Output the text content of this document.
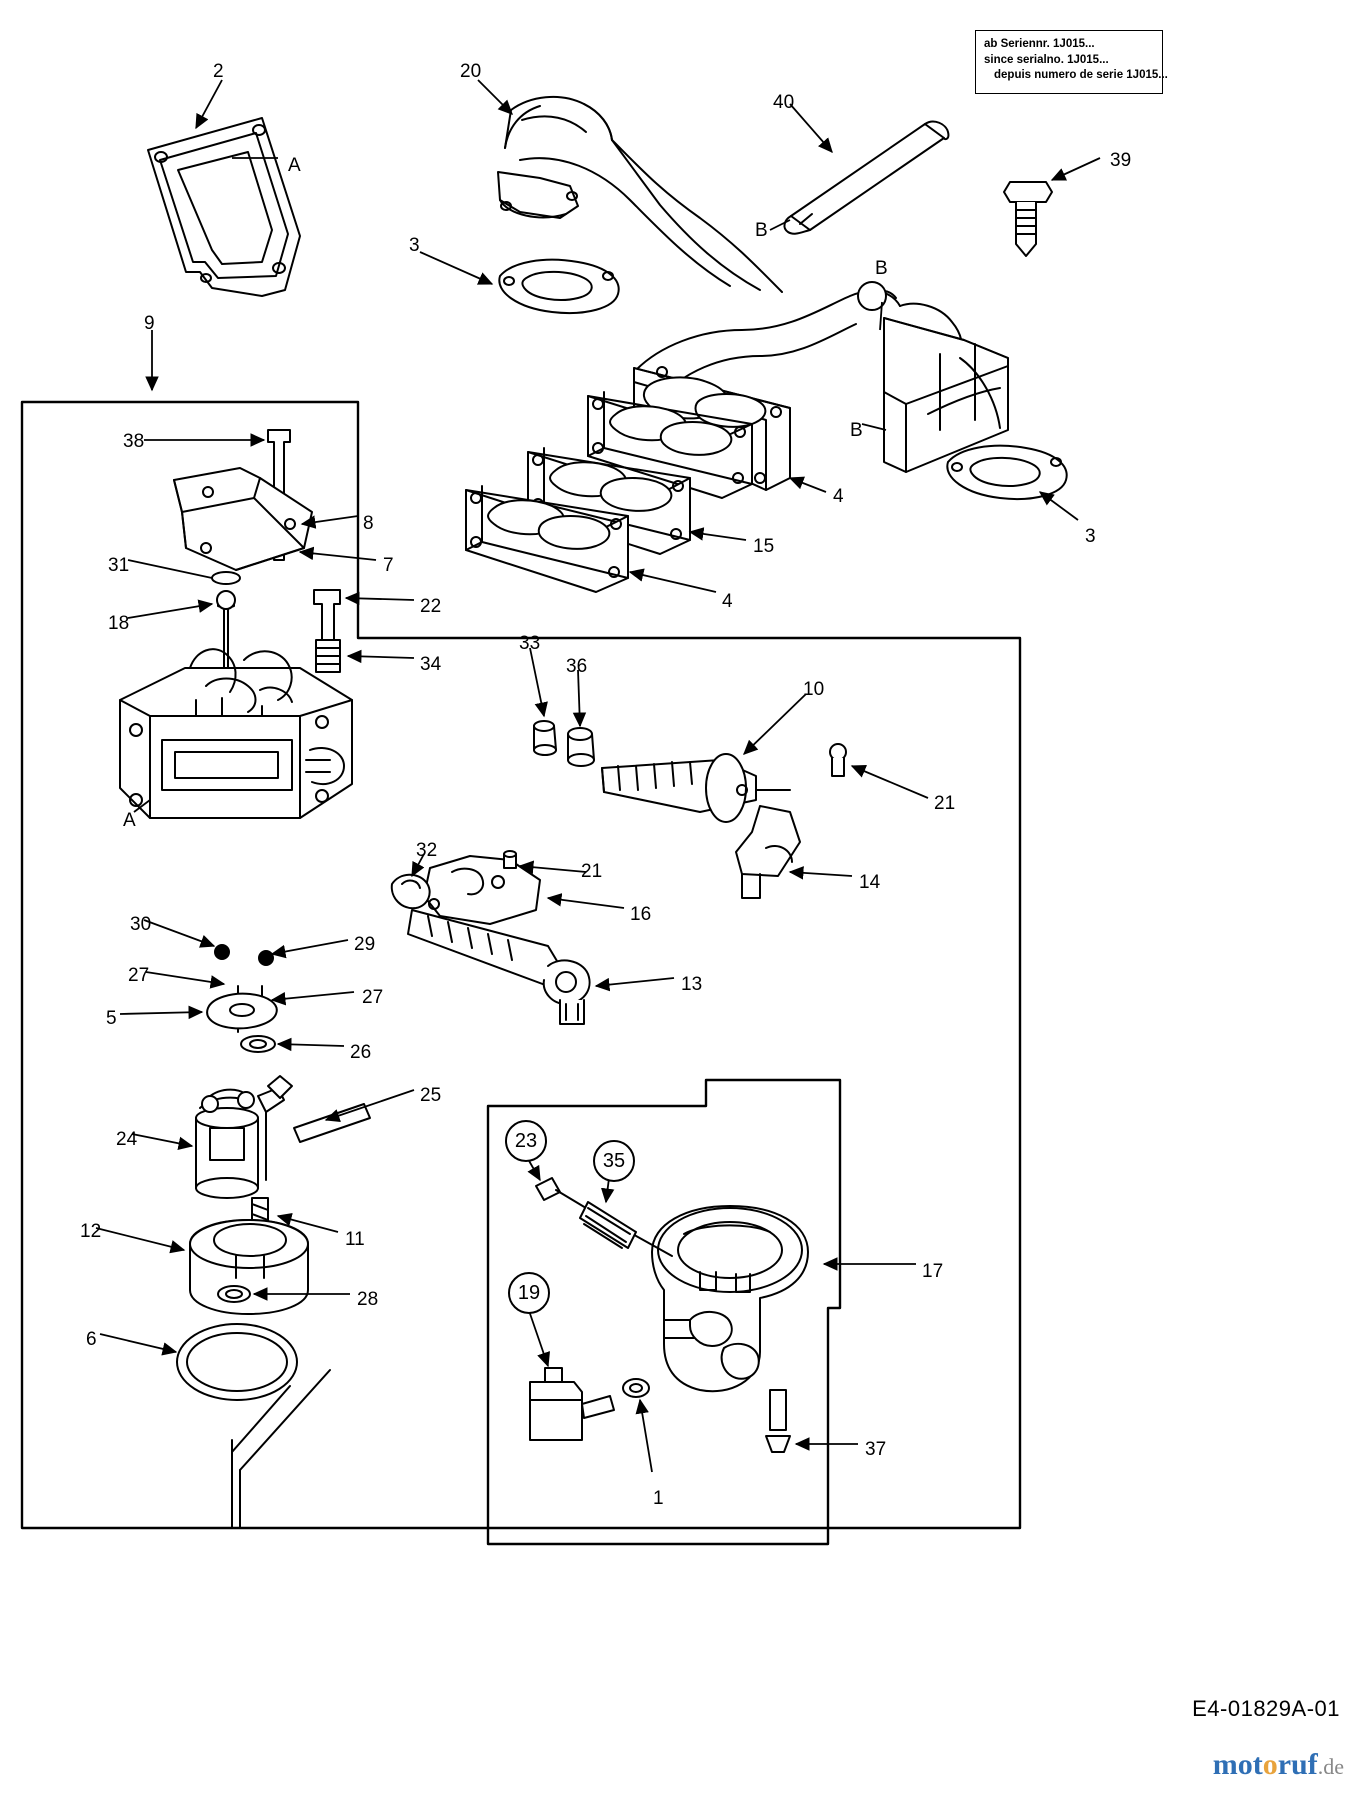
ab Seriennr. 1J015...
since serialno. 1J015...
depuis numero de serie 1J015...
1
2
3
3
4
4
5
6
7
8
9
10
11
12
13
14
15
16
17
18
20
21
21
22
24
25
26
27
27
28
29
30
31
32
33
34	36
37
38
39
40
23
35
19
A
A
B
B
B
E4-01829A-01
motoruf.de
